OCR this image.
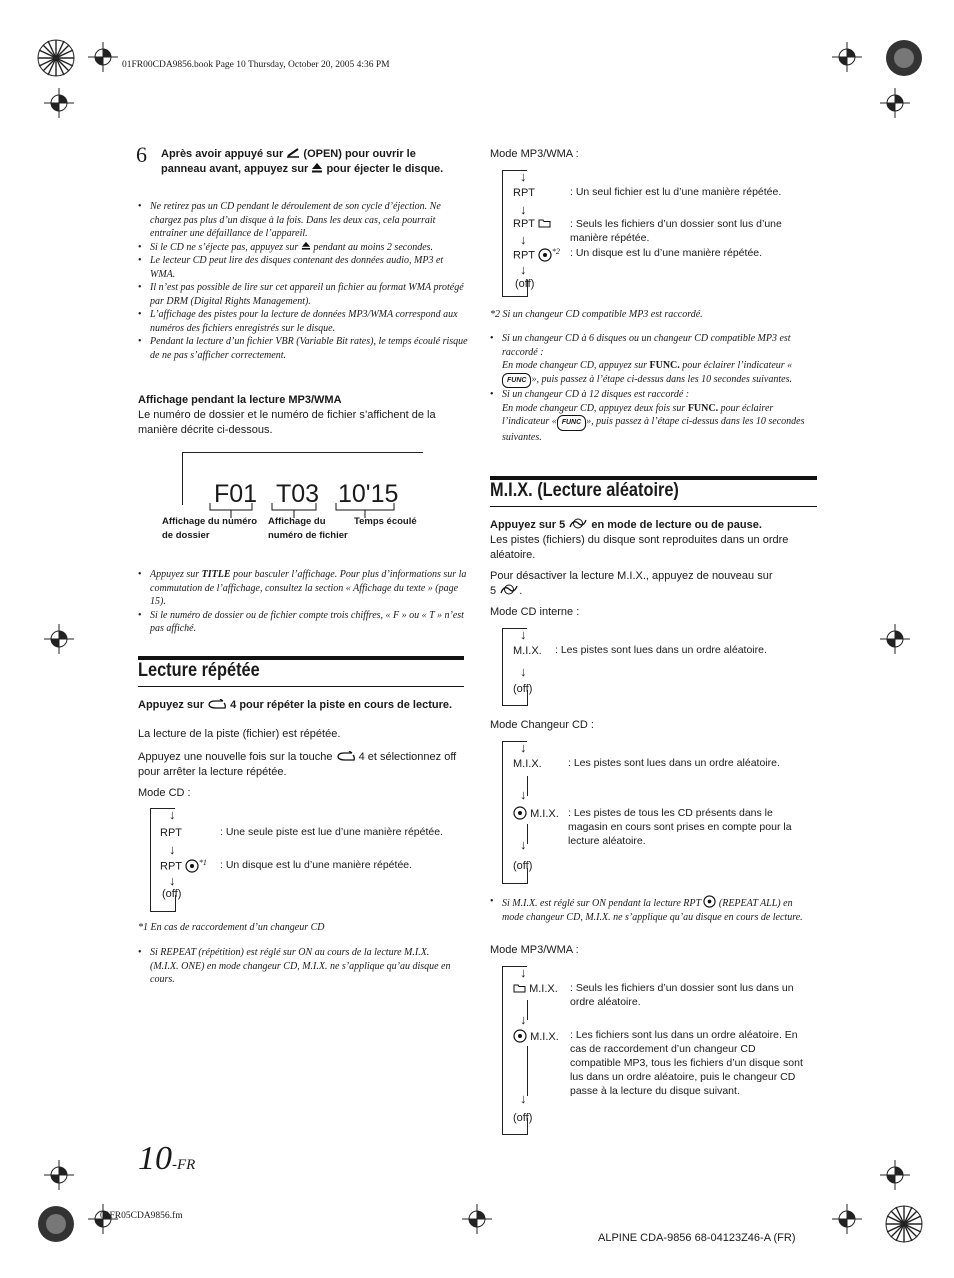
01FR00CDA9856.book Page 10 Thursday, October 20, 2005 4:36 PM
6 Après avoir appuyé sur (OPEN) pour ouvrir le panneau avant, appuyez sur pour éjecter le disque.
• Ne retirez pas un CD pendant le déroulement de son cycle d’éjection. Ne chargez pas plus d’un disque à la fois. Dans les deux cas, cela pourrait entraîner une défaillance de l’appareil.
• Si le CD ne s’éjecte pas, appuyez sur pendant au moins 2 secondes.
• Le lecteur CD peut lire des disques contenant des données audio, MP3 et WMA.
• Il n’est pas possible de lire sur cet appareil un fichier au format WMA protégé par DRM (Digital Rights Management).
• L’affichage des pistes pour la lecture de données MP3/WMA correspond aux numéros des fichiers enregistrés sur le disque.
• Pendant la lecture d’un fichier VBR (Variable Bit rates), le temps écoulé risque de ne pas s’afficher correctement.
Affichage pendant la lecture MP3/WMA
Le numéro de dossier et le numéro de fichier s’affichent de la manière décrite ci-dessous.
F01 T03 10'15
Affichage du numéro de dossier
Affichage du numéro de fichier
Temps écoulé
• Appuyez sur TITLE pour basculer l’affichage. Pour plus d’informations sur la commutation de l’affichage, consultez la section « Affichage du texte » (page 15).
• Si le numéro de dossier ou de fichier compte trois chiffres, « F » ou « T » n’est pas affiché.
Lecture répétée
Appuyez sur 4 pour répéter la piste en cours de lecture.
La lecture de la piste (fichier) est répétée.
Appuyez une nouvelle fois sur la touche 4 et sélectionnez off pour arrêter la lecture répétée.
Mode CD :
↓
RPT	: Une seule piste est lue d’une manière répétée.
↓
RPT $^{*1}$ : Un disque est lu d’une manière répétée.
↓
(off)
*1 En cas de raccordement d’un changeur CD
• Si REPEAT (répétition) est réglé sur ON au cours de la lecture M.I.X. (M.I.X. ONE) en mode changeur CD, M.I.X. ne s’applique qu’au disque en cours.
Mode MP3/WMA :
↓
RPT	: Un seul fichier est lu d’une manière répétée.
↓
RPT	: Seuls les fichiers d’un dossier sont lus d’une manière répétée.
↓
RPT $^{*2}$ : Un disque est lu d’une manière répétée.
↓
(off)
*2 Si un changeur CD compatible MP3 est raccordé.
• Si un changeur CD à 6 disques ou un changeur CD compatible MP3 est raccordé :
En mode changeur CD, appuyez sur FUNC. pour éclairer l’indicateur «FUNC », puis passez à l’étape ci-dessus dans les 10 secondes suivantes.
• Si un changeur CD à 12 disques est raccordé :
En mode changeur CD, appuyez deux fois sur FUNC. pour éclairer l’indicateur « FUNC », puis passez à l’étape ci-dessus dans les 10 secondes suivantes.
M.I.X. (Lecture aléatoire)
Appuyez sur 5 en mode de lecture ou de pause.
Les pistes (fichiers) du disque sont reproduites dans un ordre aléatoire.
Pour désactiver la lecture M.I.X., appuyez de nouveau sur
5 .
Mode CD interne :
↓
M.I.X. : Les pistes sont lues dans un ordre aléatoire.
↓
(off)
Mode Changeur CD :
↓
M.I.X.	: Les pistes sont lues dans un ordre aléatoire.
↓
M.I.X. : Les pistes de tous les CD présents dans le magasin en cours sont prises en compte pour la lecture aléatoire.
↓
(off)
• Si M.I.X. est réglé sur ON pendant la lecture RPT (REPEAT ALL) en mode changeur CD, M.I.X. ne s’applique qu’au disque en cours de lecture.
Mode MP3/WMA :
↓
M.I.X. : Seuls les fichiers d’un dossier sont lus dans un ordre aléatoire.
↓
M.I.X. : Les fichiers sont lus dans un ordre aléatoire. En cas de raccordement d’un changeur CD compatible MP3, tous les fichiers d’un disque sont lus dans un ordre aléatoire, puis le changeur CD passe à la lecture du disque suivant.
↓
(off)
10-FR
01FR05CDA9856.fm
ALPINE CDA-9856 68-04123Z46-A (FR)
